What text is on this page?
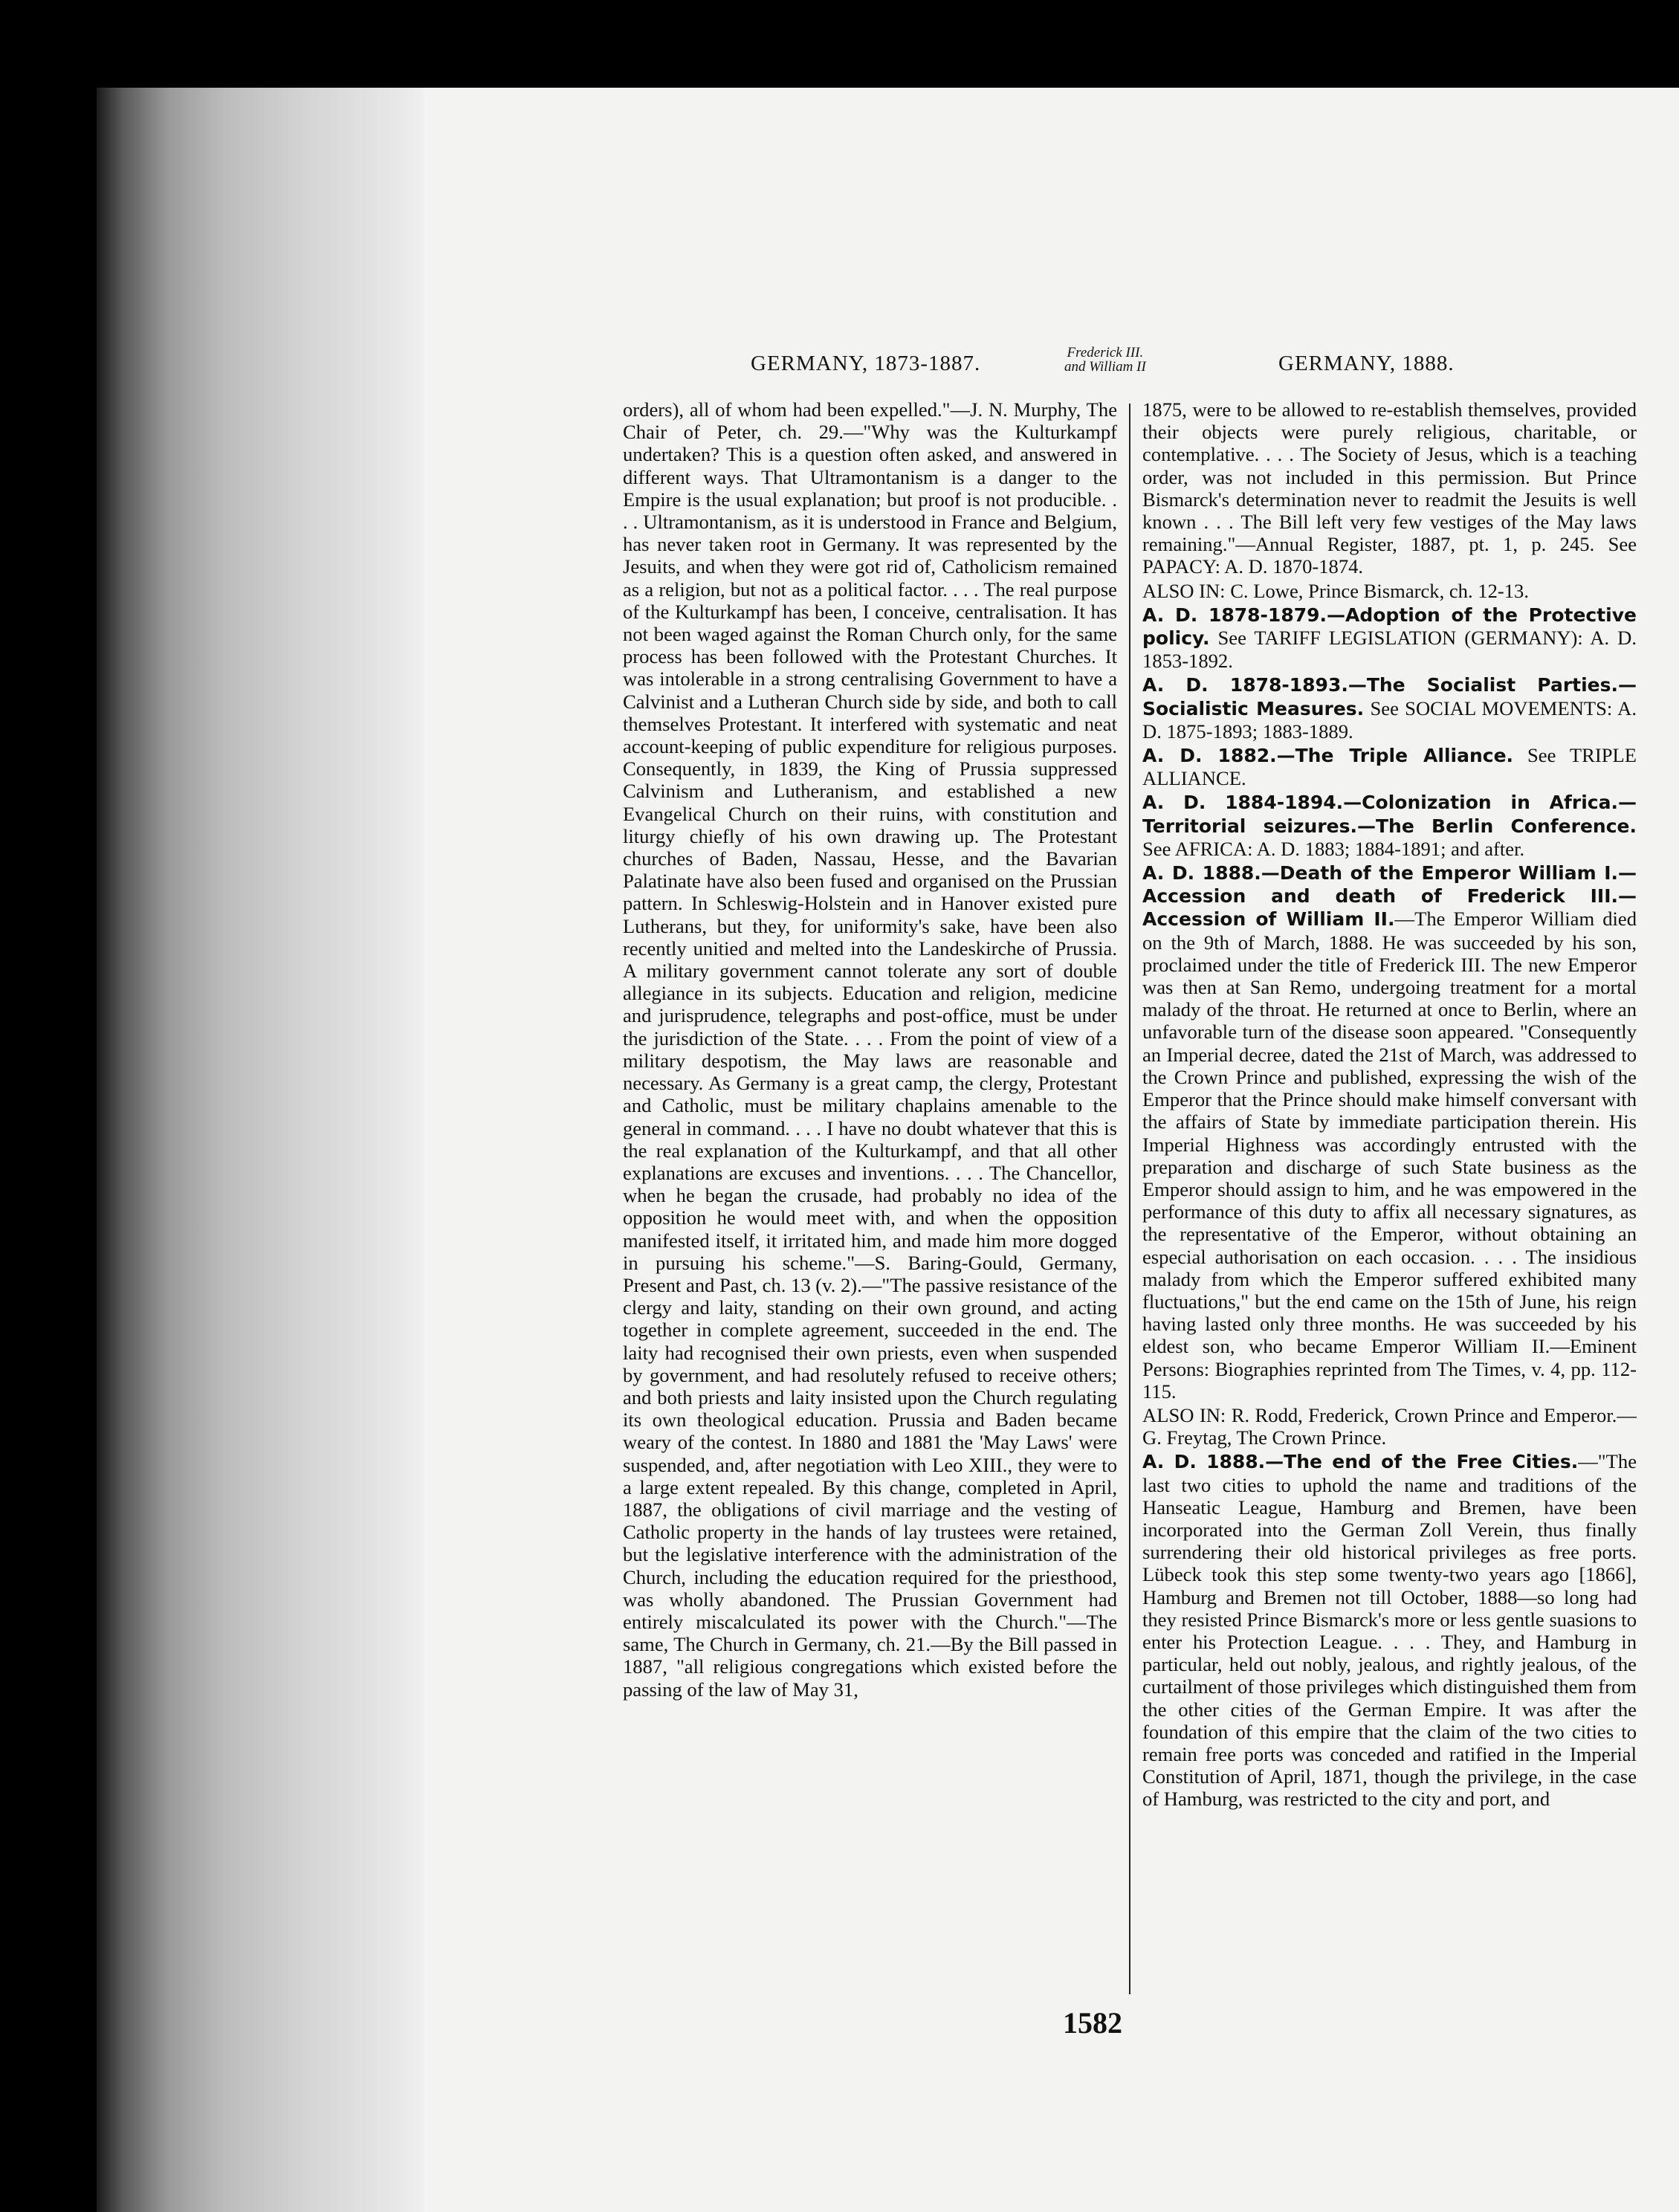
GERMANY, 1873-1887.	Frederick III.
and William II	GERMANY, 1888.

orders), all of whom had been expelled."—J. N. Murphy, The Chair of Peter, ch. 29.—"Why was the Kulturkampf undertaken? This is a question often asked, and answered in different ways. That Ultramontanism is a danger to the Empire is the usual explanation; but proof is not producible. . . . Ultramontanism, as it is understood in France and Belgium, has never taken root in Germany. It was represented by the Jesuits, and when they were got rid of, Catholicism remained as a religion, but not as a political factor. . . . The real purpose of the Kulturkampf has been, I conceive, centralisation. It has not been waged against the Roman Church only, for the same process has been followed with the Protestant Churches. It was intolerable in a strong centralising Government to have a Calvinist and a Lutheran Church side by side, and both to call themselves Protestant. It interfered with systematic and neat account-keeping of public expenditure for religious purposes. Consequently, in 1839, the King of Prussia suppressed Calvinism and Lutheranism, and established a new Evangelical Church on their ruins, with constitution and liturgy chiefly of his own drawing up. The Protestant churches of Baden, Nassau, Hesse, and the Bavarian Palatinate have also been fused and organised on the Prussian pattern. In Schleswig-Holstein and in Hanover existed pure Lutherans, but they, for uniformity's sake, have been also recently unitied and melted into the Landeskirche of Prussia. A military government cannot tolerate any sort of double allegiance in its subjects. Education and religion, medicine and jurisprudence, telegraphs and post-office, must be under the jurisdiction of the State. . . . From the point of view of a military despotism, the May laws are reasonable and necessary. As Germany is a great camp, the clergy, Protestant and Catholic, must be military chaplains amenable to the general in command. . . . I have no doubt whatever that this is the real explanation of the Kulturkampf, and that all other explanations are excuses and inventions. . . . The Chancellor, when he began the crusade, had probably no idea of the opposition he would meet with, and when the opposition manifested itself, it irritated him, and made him more dogged in pursuing his scheme."—S. Baring-Gould, Germany, Present and Past, ch. 13 (v. 2).—"The passive resistance of the clergy and laity, standing on their own ground, and acting together in complete agreement, succeeded in the end. The laity had recognised their own priests, even when suspended by government, and had resolutely refused to receive others; and both priests and laity insisted upon the Church regulating its own theological education. Prussia and Baden became weary of the contest. In 1880 and 1881 the 'May Laws' were suspended, and, after negotiation with Leo XIII., they were to a large extent repealed. By this change, completed in April, 1887, the obligations of civil marriage and the vesting of Catholic property in the hands of lay trustees were retained, but the legislative interference with the administration of the Church, including the education required for the priesthood, was wholly abandoned. The Prussian Government had entirely miscalculated its power with the Church."—The same, The Church in Germany, ch. 21.—By the Bill passed in 1887, "all religious congregations which existed before the passing of the law of May 31,

1875, were to be allowed to re-establish themselves, provided their objects were purely religious, charitable, or contemplative. . . . The Society of Jesus, which is a teaching order, was not included in this permission. But Prince Bismarck's determination never to readmit the Jesuits is well known . . . The Bill left very few vestiges of the May laws remaining."—Annual Register, 1887, pt. 1, p. 245. See PAPACY: A. D. 1870-1874.

ALSO IN: C. Lowe, Prince Bismarck, ch. 12-13.

A. D. 1878-1879.—Adoption of the Protective policy. See TARIFF LEGISLATION (GERMANY): A. D. 1853-1892.

A. D. 1878-1893.—The Socialist Parties.—Socialistic Measures. See SOCIAL MOVEMENTS: A. D. 1875-1893; 1883-1889.

A. D. 1882.—The Triple Alliance. See TRIPLE ALLIANCE.

A. D. 1884-1894.—Colonization in Africa.—Territorial seizures.—The Berlin Conference. See AFRICA: A. D. 1883; 1884-1891; and after.

A. D. 1888.—Death of the Emperor William I.—Accession and death of Frederick III.—Accession of William II.—The Emperor William died on the 9th of March, 1888. He was succeeded by his son, proclaimed under the title of Frederick III. The new Emperor was then at San Remo, undergoing treatment for a mortal malady of the throat. He returned at once to Berlin, where an unfavorable turn of the disease soon appeared. "Consequently an Imperial decree, dated the 21st of March, was addressed to the Crown Prince and published, expressing the wish of the Emperor that the Prince should make himself conversant with the affairs of State by immediate participation therein. His Imperial Highness was accordingly entrusted with the preparation and discharge of such State business as the Emperor should assign to him, and he was empowered in the performance of this duty to affix all necessary signatures, as the representative of the Emperor, without obtaining an especial authorisation on each occasion. . . . The insidious malady from which the Emperor suffered exhibited many fluctuations," but the end came on the 15th of June, his reign having lasted only three months. He was succeeded by his eldest son, who became Emperor William II.—Eminent Persons: Biographies reprinted from The Times, v. 4, pp. 112-115.

ALSO IN: R. Rodd, Frederick, Crown Prince and Emperor.—G. Freytag, The Crown Prince.

A. D. 1888.—The end of the Free Cities.—"The last two cities to uphold the name and traditions of the Hanseatic League, Hamburg and Bremen, have been incorporated into the German Zoll Verein, thus finally surrendering their old historical privileges as free ports. Lübeck took this step some twenty-two years ago [1866], Hamburg and Bremen not till October, 1888—so long had they resisted Prince Bismarck's more or less gentle suasions to enter his Protection League. . . . They, and Hamburg in particular, held out nobly, jealous, and rightly jealous, of the curtailment of those privileges which distinguished them from the other cities of the German Empire. It was after the foundation of this empire that the claim of the two cities to remain free ports was conceded and ratified in the Imperial Constitution of April, 1871, though the privilege, in the case of Hamburg, was restricted to the city and port, and

1582
